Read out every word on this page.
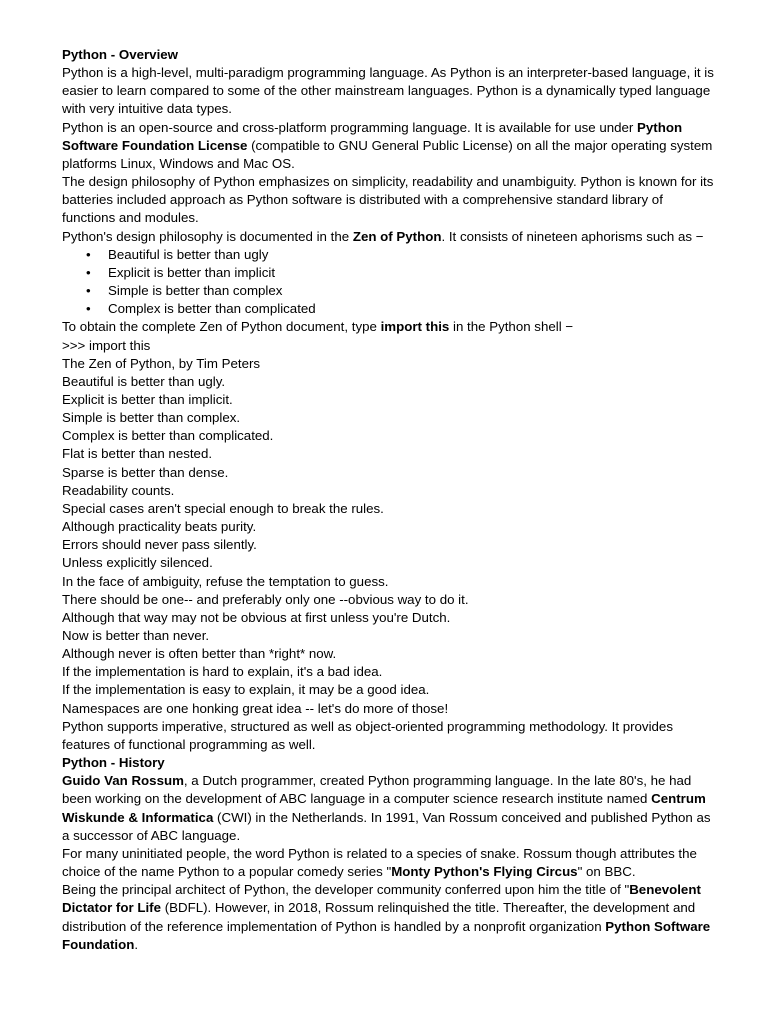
Python - Overview
Python is a high-level, multi-paradigm programming language. As Python is an interpreter-based language, it is easier to learn compared to some of the other mainstream languages. Python is a dynamically typed language with very intuitive data types.
Python is an open-source and cross-platform programming language. It is available for use under Python Software Foundation License (compatible to GNU General Public License) on all the major operating system platforms Linux, Windows and Mac OS.
The design philosophy of Python emphasizes on simplicity, readability and unambiguity. Python is known for its batteries included approach as Python software is distributed with a comprehensive standard library of functions and modules.
Python's design philosophy is documented in the Zen of Python. It consists of nineteen aphorisms such as −
• Beautiful is better than ugly
• Explicit is better than implicit
• Simple is better than complex
• Complex is better than complicated
To obtain the complete Zen of Python document, type import this in the Python shell −
>>> import this
The Zen of Python, by Tim Peters
Beautiful is better than ugly.
Explicit is better than implicit.
Simple is better than complex.
Complex is better than complicated.
Flat is better than nested.
Sparse is better than dense.
Readability counts.
Special cases aren't special enough to break the rules.
Although practicality beats purity.
Errors should never pass silently.
Unless explicitly silenced.
In the face of ambiguity, refuse the temptation to guess.
There should be one-- and preferably only one --obvious way to do it.
Although that way may not be obvious at first unless you're Dutch.
Now is better than never.
Although never is often better than *right* now.
If the implementation is hard to explain, it's a bad idea.
If the implementation is easy to explain, it may be a good idea.
Namespaces are one honking great idea -- let's do more of those!
Python supports imperative, structured as well as object-oriented programming methodology. It provides features of functional programming as well.
Python - History
Guido Van Rossum, a Dutch programmer, created Python programming language. In the late 80's, he had been working on the development of ABC language in a computer science research institute named Centrum Wiskunde & Informatica (CWI) in the Netherlands. In 1991, Van Rossum conceived and published Python as a successor of ABC language.
For many uninitiated people, the word Python is related to a species of snake. Rossum though attributes the choice of the name Python to a popular comedy series "Monty Python's Flying Circus" on BBC.
Being the principal architect of Python, the developer community conferred upon him the title of "Benevolent Dictator for Life (BDFL). However, in 2018, Rossum relinquished the title. Thereafter, the development and distribution of the reference implementation of Python is handled by a nonprofit organization Python Software Foundation.
